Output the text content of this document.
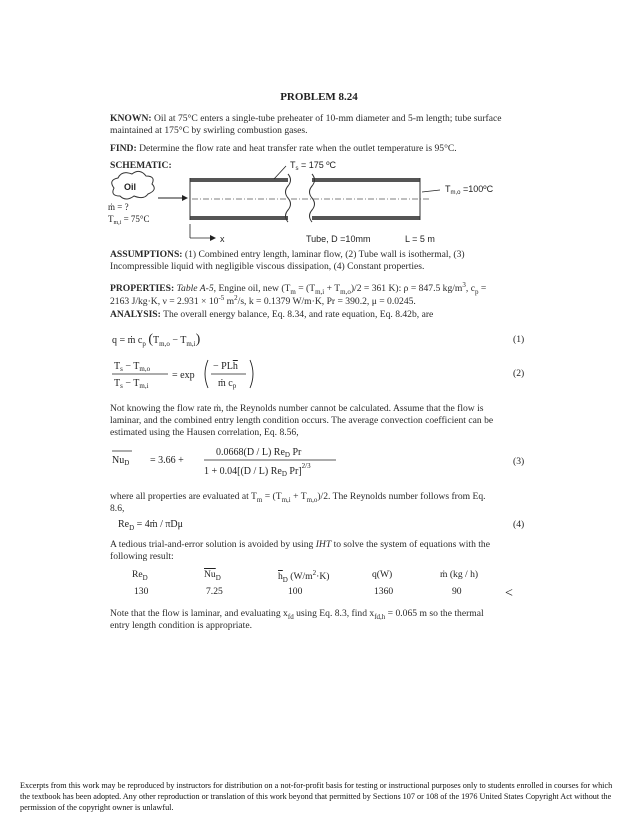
PROBLEM 8.24
KNOWN: Oil at 75°C enters a single-tube preheater of 10-mm diameter and 5-m length; tube surface
maintained at 175°C by swirling combustion gases.
FIND: Determine the flow rate and heat transfer rate when the outlet temperature is 95°C.
SCHEMATIC:
Oil
ṁ = ?
$T_{m,i} = 75^\circ C$
$T_s = 175$ ºC
$T_{m,o}$ =100ºC
x	Tube, D =10mm	L = 5 m
ASSUMPTIONS: (1) Combined entry length, laminar flow, (2) Tube wall is isothermal, (3)
Incompressible liquid with negligible viscous dissipation, (4) Constant properties.
PROPERTIES: Table A-5, Engine oil, new ($T_m = (T_{m,i} + T_{m,o})/2 = 361$ K): ρ = 847.5 $kg/m^3$, $c_p$ =
2163 J/kg·K, $\nu = 2.931 \times 10^{-5}$ $m^2/s$, k = 0.1379 W/m·K, Pr = 390.2, μ = 0.0245.
ANALYSIS: The overall energy balance, Eq. 8.34, and rate equation, Eq. 8.42b, are
q = ṁ $c_p$ $(T_{m,o} - T_{m,i})$	(1)
$T_s - T_{m,o}$
$T_s - T_{m,i}$
= exp
− PLh
ṁ $c_p$
(2)
Not knowing the flow rate ṁ, the Reynolds number cannot be calculated. Assume that the flow is
laminar, and the combined entry length condition occurs. The average convection coefficient can be
estimated using the Hausen correlation, Eq. 8.56,
$Nu_D = 3.66$ +
0.0668(D / L) $Re_D$ Pr
1 + 0.04[(D / L) $Re_D$ Pr]$^{2/3}$	(3)
where all properties are evaluated at $T_m = (T_{m,i} + T_{m,o})/2$. The Reynolds number follows from Eq.
8.6,
$Re_D$ = 4ṁ / πDμ	(4)
A tedious trial-and-error solution is avoided by using IHT to solve the system of equations with the
following result:
$Re_D$	$\overline{Nu}_D$	$\overline{h}_D$ $(W/m^2\cdot K)$	q(W)	ṁ (kg / h)
130	7.25	100	1360	90	<
Note that the flow is laminar, and evaluating $x_{fd}$ using Eq. 8.3, find $x_{fd,h} = 0.065$ m so the thermal
entry length condition is appropriate.
Excerpts from this work may be reproduced by instructors for distribution on a not-for-profit basis for testing or instructional purposes only to students enrolled in courses for which the textbook has been adopted. Any other reproduction or translation of this work beyond that permitted by Sections 107 or 108 of the 1976 United States Copyright Act without the permission of the copyright owner is unlawful.
